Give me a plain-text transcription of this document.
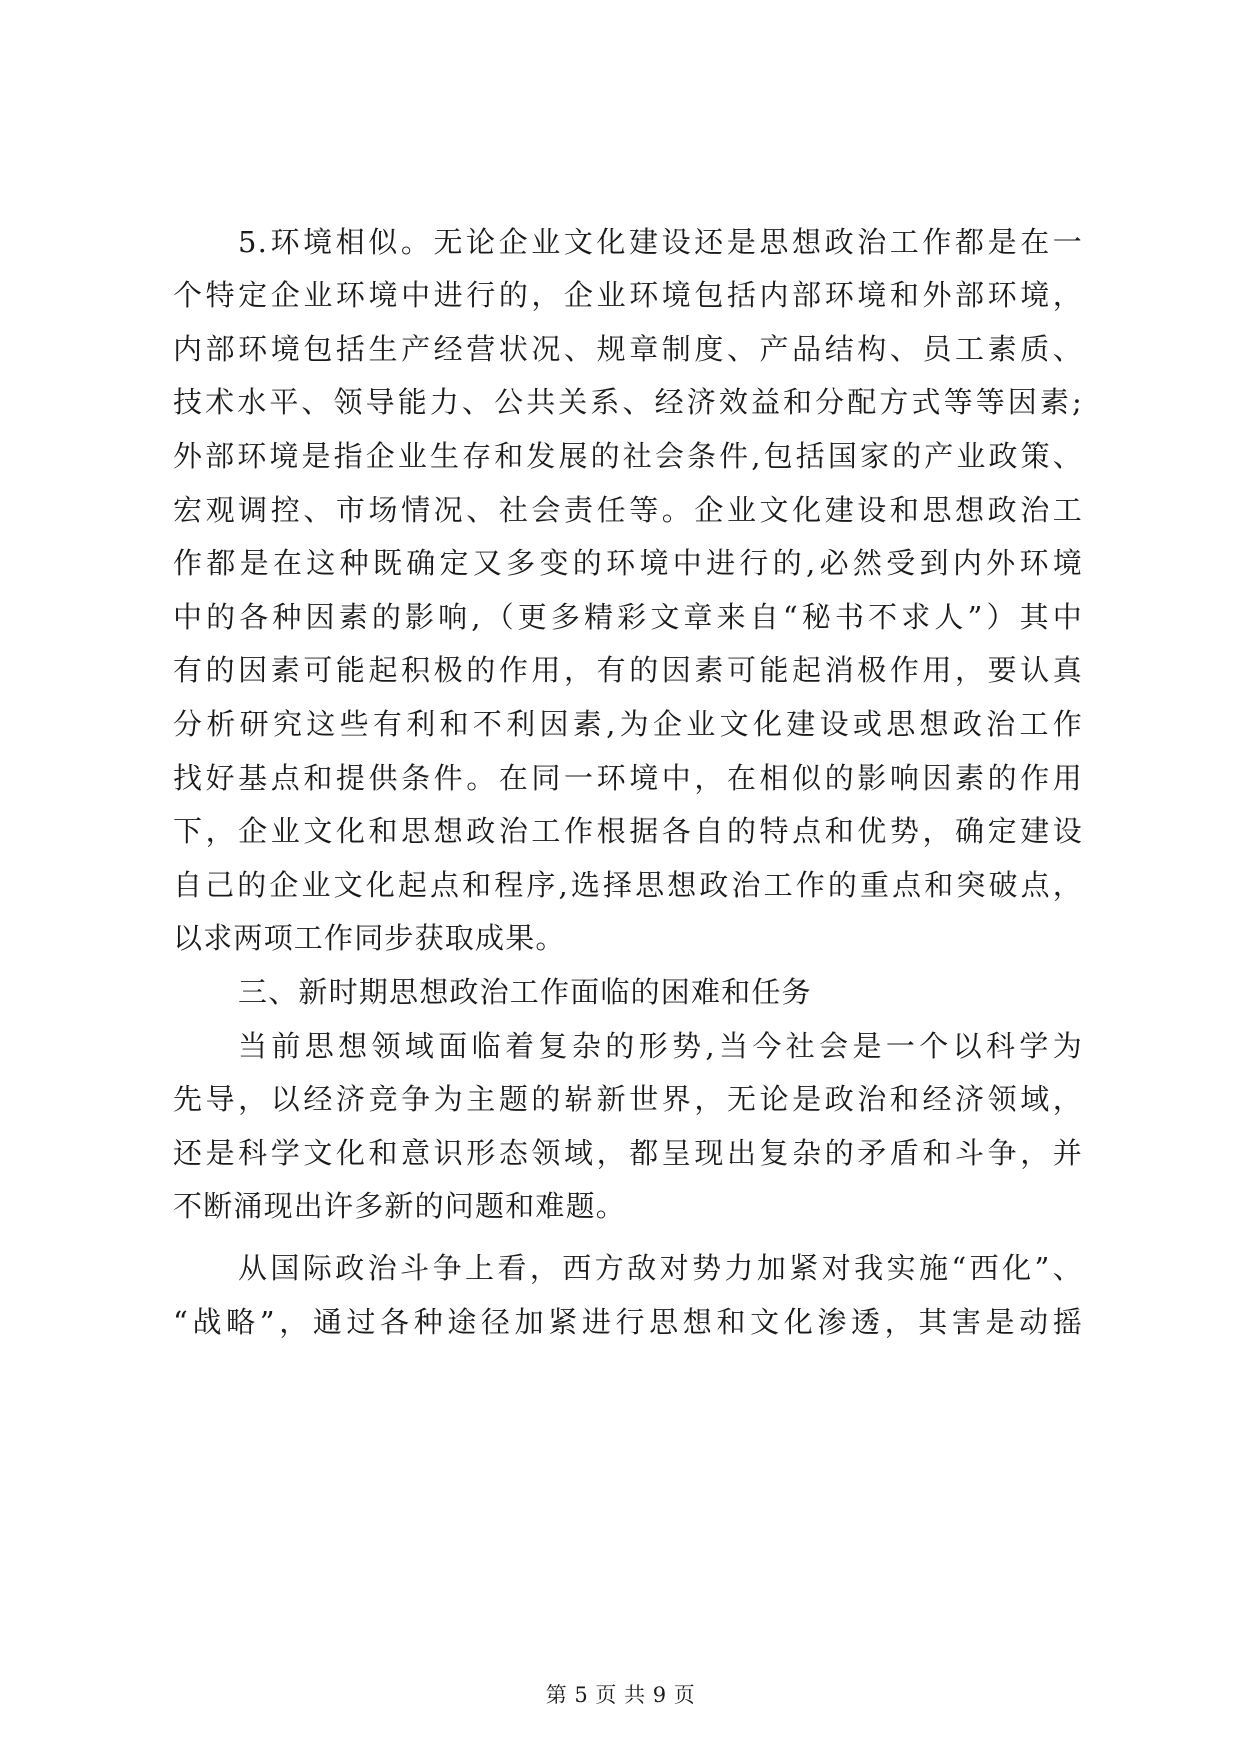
5.环境相似。无论企业文化建设还是思想政治工作都是在一
个特定企业环境中进行的，企业环境包括内部环境和外部环境，
内部环境包括生产经营状况、规章制度、产品结构、员工素质、
技术水平、领导能力、公共关系、经济效益和分配方式等等因素;
外部环境是指企业生存和发展的社会条件,包括国家的产业政策、
宏观调控、市场情况、社会责任等。企业文化建设和思想政治工
作都是在这种既确定又多变的环境中进行的,必然受到内外环境
中的各种因素的影响,（更多精彩文章来自“秘书不求人”）其中
有的因素可能起积极的作用，有的因素可能起消极作用，要认真
分析研究这些有利和不利因素,为企业文化建设或思想政治工作
找好基点和提供条件。在同一环境中，在相似的影响因素的作用
下，企业文化和思想政治工作根据各自的特点和优势，确定建设
自己的企业文化起点和程序,选择思想政治工作的重点和突破点，
以求两项工作同步获取成果。
三、新时期思想政治工作面临的困难和任务
当前思想领域面临着复杂的形势,当今社会是一个以科学为
先导，以经济竞争为主题的崭新世界，无论是政治和经济领域，
还是科学文化和意识形态领域，都呈现出复杂的矛盾和斗争，并
不断涌现出许多新的问题和难题。
从国际政治斗争上看，西方敌对势力加紧对我实施“西化”、
“战略”，通过各种途径加紧进行思想和文化渗透，其害是动摇
第 5 页 共 9 页
